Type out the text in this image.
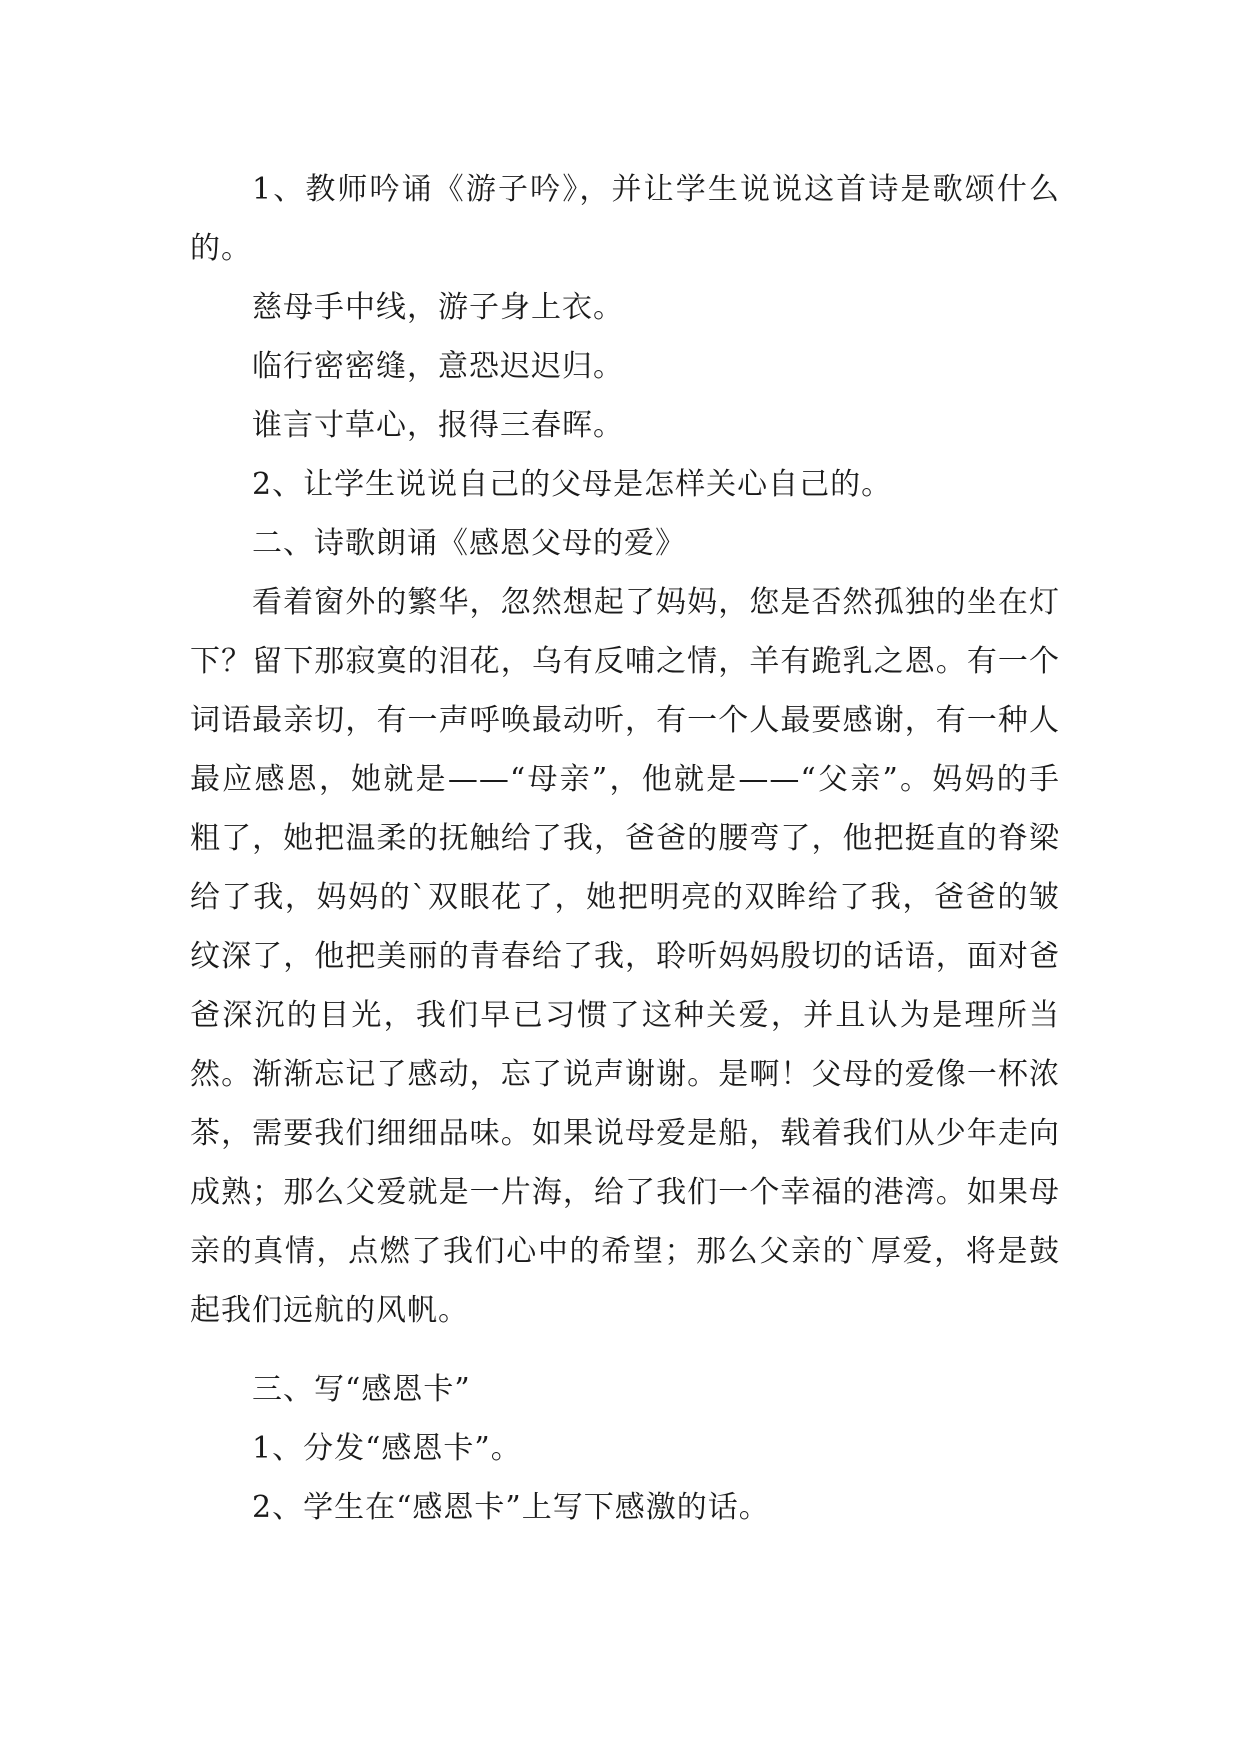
1、教师吟诵《游子吟》，并让学生说说这首诗是歌颂什么的。

慈母手中线，游子身上衣。

临行密密缝，意恐迟迟归。

谁言寸草心，报得三春晖。

2、让学生说说自己的父母是怎样关心自己的。

二、诗歌朗诵《感恩父母的爱》

看着窗外的繁华，忽然想起了妈妈，您是否然孤独的坐在灯下？留下那寂寞的泪花，乌有反哺之情，羊有跪乳之恩。有一个词语最亲切，有一声呼唤最动听，有一个人最要感谢，有一种人最应感恩，她就是——“母亲”，他就是——“父亲”。妈妈的手粗了，她把温柔的抚触给了我，爸爸的腰弯了，他把挺直的脊梁给了我，妈妈的`双眼花了，她把明亮的双眸给了我，爸爸的皱纹深了，他把美丽的青春给了我，聆听妈妈殷切的话语，面对爸爸深沉的目光，我们早已习惯了这种关爱，并且认为是理所当然。渐渐忘记了感动，忘了说声谢谢。是啊！父母的爱像一杯浓茶，需要我们细细品味。如果说母爱是船，载着我们从少年走向成熟；那么父爱就是一片海，给了我们一个幸福的港湾。如果母亲的真情，点燃了我们心中的希望；那么父亲的`厚爱，将是鼓起我们远航的风帆。

三、写“感恩卡”

1、分发“感恩卡”。

2、学生在“感恩卡”上写下感激的话。
